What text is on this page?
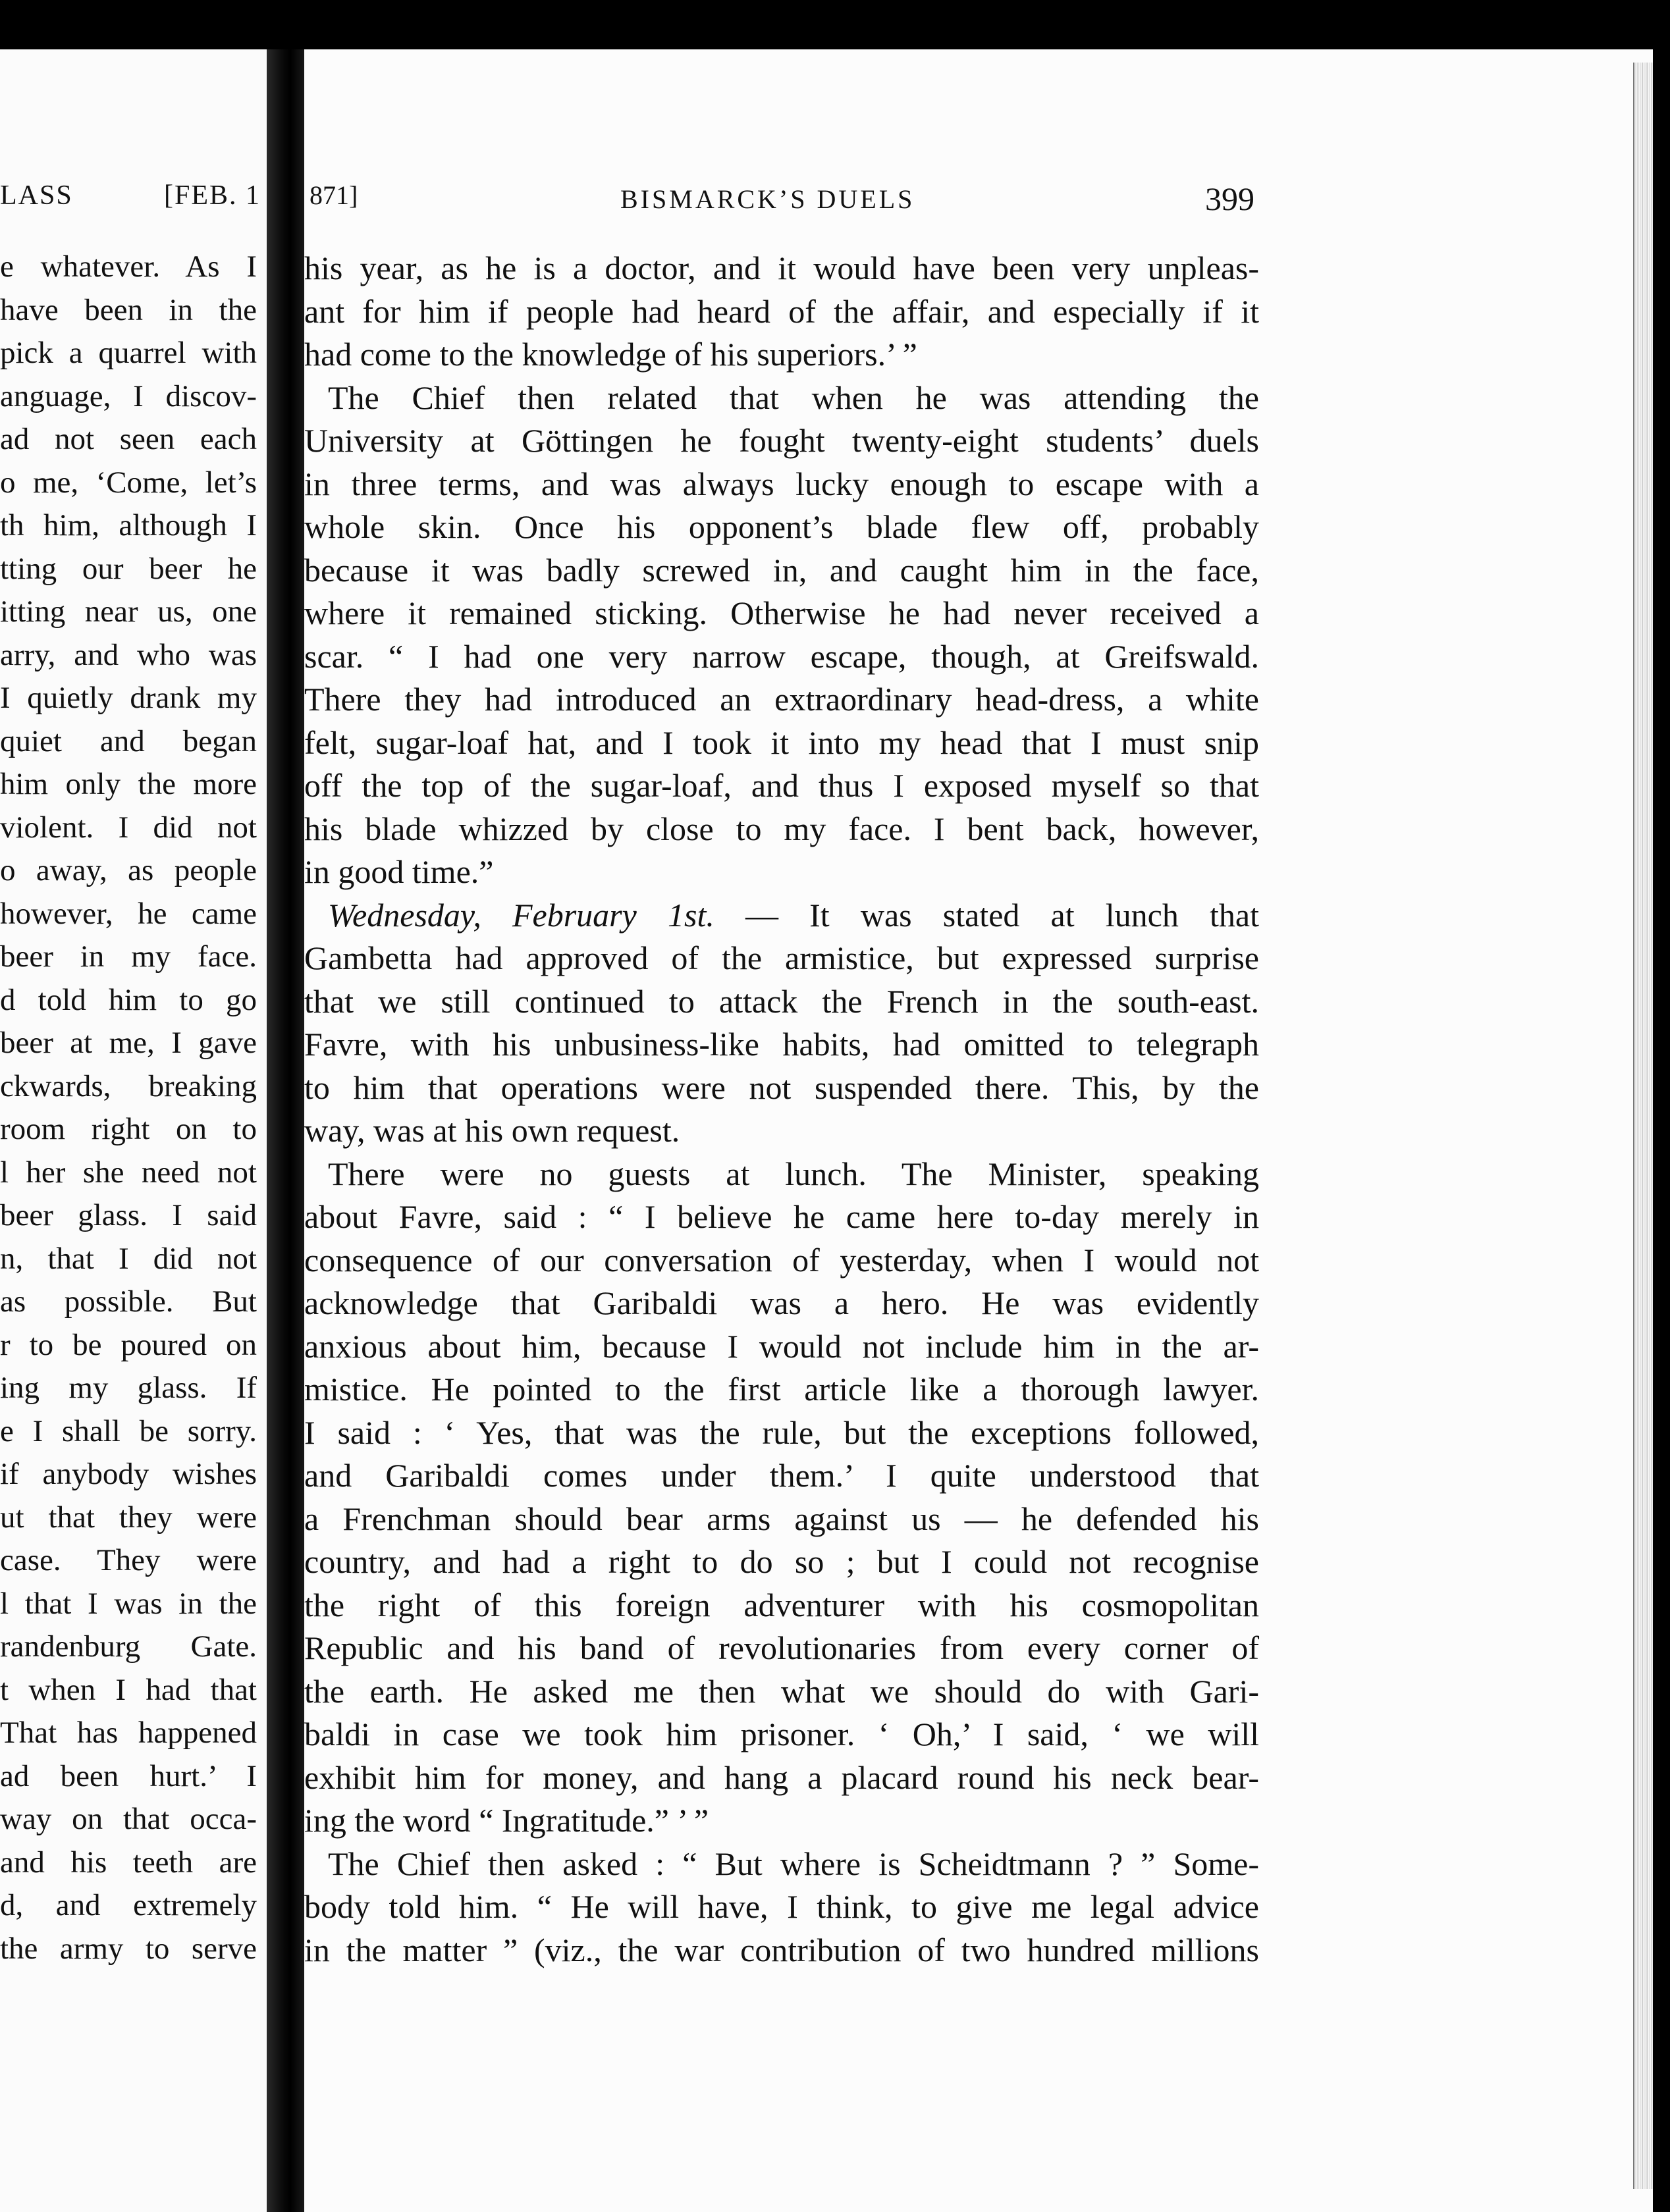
LASS	[FEB. 1
e whatever. As I
have been in the
pick a quarrel with
anguage, I discov-
ad not seen each
o me, ‘Come, let’s
th him, although I
tting our beer he
itting near us, one
arry, and who was
I quietly drank my
quiet and began
him only the more
violent. I did not
o away, as people
however, he came
beer in my face.
d told him to go
beer at me, I gave
ckwards, breaking
room right on to
l her she need not
beer glass. I said
n, that I did not
as possible. But
r to be poured on
ing my glass. If
e I shall be sorry.
if anybody wishes
ut that they were
case. They were
l that I was in the
randenburg Gate.
t when I had that
That has happened
ad been hurt.’ I
way on that occa-
and his teeth are
d, and extremely
the army to serve
871]	BISMARCK’S DUELS	399
his year, as he is a doctor, and it would have been very unpleas-
ant for him if people had heard of the affair, and especially if it
had come to the knowledge of his superiors.’ ”
The Chief then related that when he was attending the
University at Göttingen he fought twenty-eight students’ duels
in three terms, and was always lucky enough to escape with a
whole skin. Once his opponent’s blade flew off, probably
because it was badly screwed in, and caught him in the face,
where it remained sticking. Otherwise he had never received a
scar. “ I had one very narrow escape, though, at Greifswald.
There they had introduced an extraordinary head-dress, a white
felt, sugar-loaf hat, and I took it into my head that I must snip
off the top of the sugar-loaf, and thus I exposed myself so that
his blade whizzed by close to my face. I bent back, however,
in good time.”
Wednesday, February 1st. — It was stated at lunch that
Gambetta had approved of the armistice, but expressed surprise
that we still continued to attack the French in the south-east.
Favre, with his unbusiness-like habits, had omitted to telegraph
to him that operations were not suspended there. This, by the
way, was at his own request.
There were no guests at lunch. The Minister, speaking
about Favre, said : “ I believe he came here to-day merely in
consequence of our conversation of yesterday, when I would not
acknowledge that Garibaldi was a hero. He was evidently
anxious about him, because I would not include him in the ar-
mistice. He pointed to the first article like a thorough lawyer.
I said : ‘ Yes, that was the rule, but the exceptions followed,
and Garibaldi comes under them.’ I quite understood that
a Frenchman should bear arms against us — he defended his
country, and had a right to do so ; but I could not recognise
the right of this foreign adventurer with his cosmopolitan
Republic and his band of revolutionaries from every corner of
the earth. He asked me then what we should do with Gari-
baldi in case we took him prisoner. ‘ Oh,’ I said, ‘ we will
exhibit him for money, and hang a placard round his neck bear-
ing the word “ Ingratitude.” ’ ”
The Chief then asked : “ But where is Scheidtmann ? ” Some-
body told him. “ He will have, I think, to give me legal advice
in the matter ” (viz., the war contribution of two hundred millions
